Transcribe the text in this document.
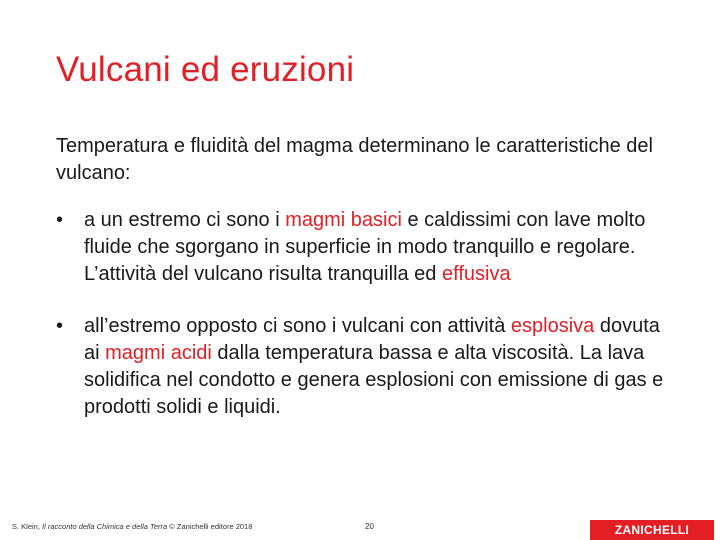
Vulcani ed eruzioni

Temperatura e fluidità del magma determinano le caratteristiche del vulcano:

• a un estremo ci sono i magmi basici e caldissimi con lave molto fluide che sgorgano in superficie in modo tranquillo e regolare. L’attività del vulcano risulta tranquilla ed effusiva
• all’estremo opposto ci sono i vulcani con attività esplosiva dovuta ai magmi acidi dalla temperatura bassa e alta viscosità. La lava solidifica nel condotto e genera esplosioni con emissione di gas e prodotti solidi e liquidi.
S. Klein, Il racconto della Chimica e della Terra © Zanichelli editore 2018	20	ZANICHELLI
